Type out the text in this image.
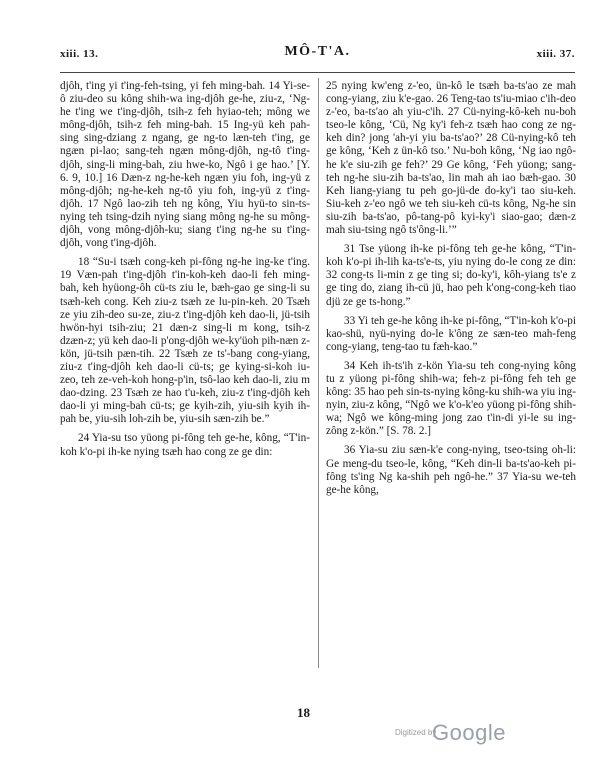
xiii. 13.	MÔ-T'A.	xiii. 37.

djôh, t'ing yi t'ing-feh-tsing, yi feh ming-bah. 14 Yi-se-ô ziu-deo su kông shih-wa ing-djôh ge-he, ziu-z, ‘Ng-he t'ing we t'ing-djôh, tsih-z feh hyiao-teh; mông we mông-djôh, tsih-z feh ming-bah. 15 Ing-yü keh pah-sing sing-dziang z ngang, ge ng-to læn-teh t'ing, ge ngæn pi-lao; sang-teh ngæn mông-djôh, ng-tô t'ing-djôh, sing-li ming-bah, ziu hwe-ko, Ngô i ge hao.’ [Y. 6. 9, 10.] 16 Dæn-z ng-he-keh ngæn yiu foh, ing-yü z mông-djôh; ng-he-keh ng-tô yiu foh, ing-yü z t'ing-djôh. 17 Ngô lao-zih teh ng kông, Yiu hyü-to sin-ts-nying teh tsing-dzih nying siang mông ng-he su mông-djôh, vong mông-djôh-ku; siang t'ing ng-he su t'ing-djôh, vong t'ing-djôh.

18 “Su-i tsæh cong-keh pi-fông ng-he ing-ke t'ing. 19 Væn-pah t'ing-djôh t'in-koh-keh dao-li feh ming-bah, keh hyüong-ôh cü-ts ziu le, bæh-gao ge sing-li su tsæh-keh cong. Keh ziu-z tsæh ze lu-pin-keh. 20 Tsæh ze yiu zih-deo su-ze, ziu-z t'ing-djôh keh dao-li, jü-tsih hwön-hyi tsih-ziu; 21 dæn-z sing-li m kong, tsih-z dzæn-z; yü keh dao-li p'ong-djôh we-ky'üoh pih-næn z-kön, jü-tsih pæn-tih. 22 Tsæh ze ts'-bang cong-yiang, ziu-z t'ing-djôh keh dao-li cü-ts; ge kying-si-koh iu-zeo, teh ze-veh-koh hong-p'in, tsô-lao keh dao-li, ziu m dao-dzing. 23 Tsæh ze hao t'u-keh, ziu-z t'ing-djôh keh dao-li yi ming-bah cü-ts; ge kyih-zih, yiu-sih kyih ih-pah be, yiu-sih loh-zih be, yiu-sih sæn-zih be.”

24 Yia-su tso yüong pi-fông teh ge-he, kông, “T'in-koh k'o-pi ih-ke nying tsæh hao cong ze ge din:

25 nying kw'eng z-'eo, ün-kô le tsæh ba-ts'ao ze mah cong-yiang, ziu k'e-gao. 26 Teng-tao ts'iu-miao c'ih-deo z-'eo, ba-ts'ao ah yiu-c'ih. 27 Cü-nying-kô-keh nu-boh tseo-le kông, ‘Cü, Ng ky'i feh-z tsæh hao cong ze ng-keh din? jong 'ah-yi yiu ba-ts'ao?’ 28 Cü-nying-kô teh ge kông, ‘Keh z ün-kô tso.’ Nu-boh kông, ‘Ng iao ngô-he k'e siu-zih ge feh?’ 29 Ge kông, ‘Feh yüong; sang-teh ng-he siu-zih ba-ts'ao, lin mah ah iao bæh-gao. 30 Keh liang-yiang tu peh go-jü-de do-ky'i tao siu-keh. Siu-keh z-'eo ngô we teh siu-keh cü-ts kông, Ng-he sin siu-zih ba-ts'ao, pô-tang-pô kyi-ky'i siao-gao; dæn-z mah siu-tsing ngô ts'ông-li.’”

31 Tse yüong ih-ke pi-fông teh ge-he kông, “T'in-koh k'o-pi ih-lih ka-ts'e-ts, yiu nying do-le cong ze din: 32 cong-ts li-min z ge ting si; do-ky'i, kôh-yiang ts'e z ge ting do, ziang ih-cü jü, hao peh k'ong-cong-keh tiao djü ze ge ts-hong.”

33 Yi teh ge-he kông ih-ke pi-fông, “T'in-koh k'o-pi kao-shü, nyü-nying do-le k'ông ze sæn-teo mah-feng cong-yiang, teng-tao tu fæh-kao.”

34 Keh ih-ts'ih z-kön Yia-su teh cong-nying kông tu z yüong pi-fông shih-wa; feh-z pi-fông feh teh ge kông: 35 hao peh sin-ts-nying kông-ku shih-wa yiu ing-nyin, ziu-z kông, “Ngô we k'o-k'eo yüong pi-fông shih-wa; Ngô we kông-ming jong zao t'in-di yi-le su ing-zông z-kön.” [S. 78. 2.]

36 Yia-su ziu sæn-k'e cong-nying, tseo-tsing oh-li: Ge meng-du tseo-le, kông, “Keh din-li ba-ts'ao-keh pi-fông ts'ing Ng ka-shih peh ngô-he.” 37 Yia-su we-teh ge-he kông,

18
Digitized by
Google
